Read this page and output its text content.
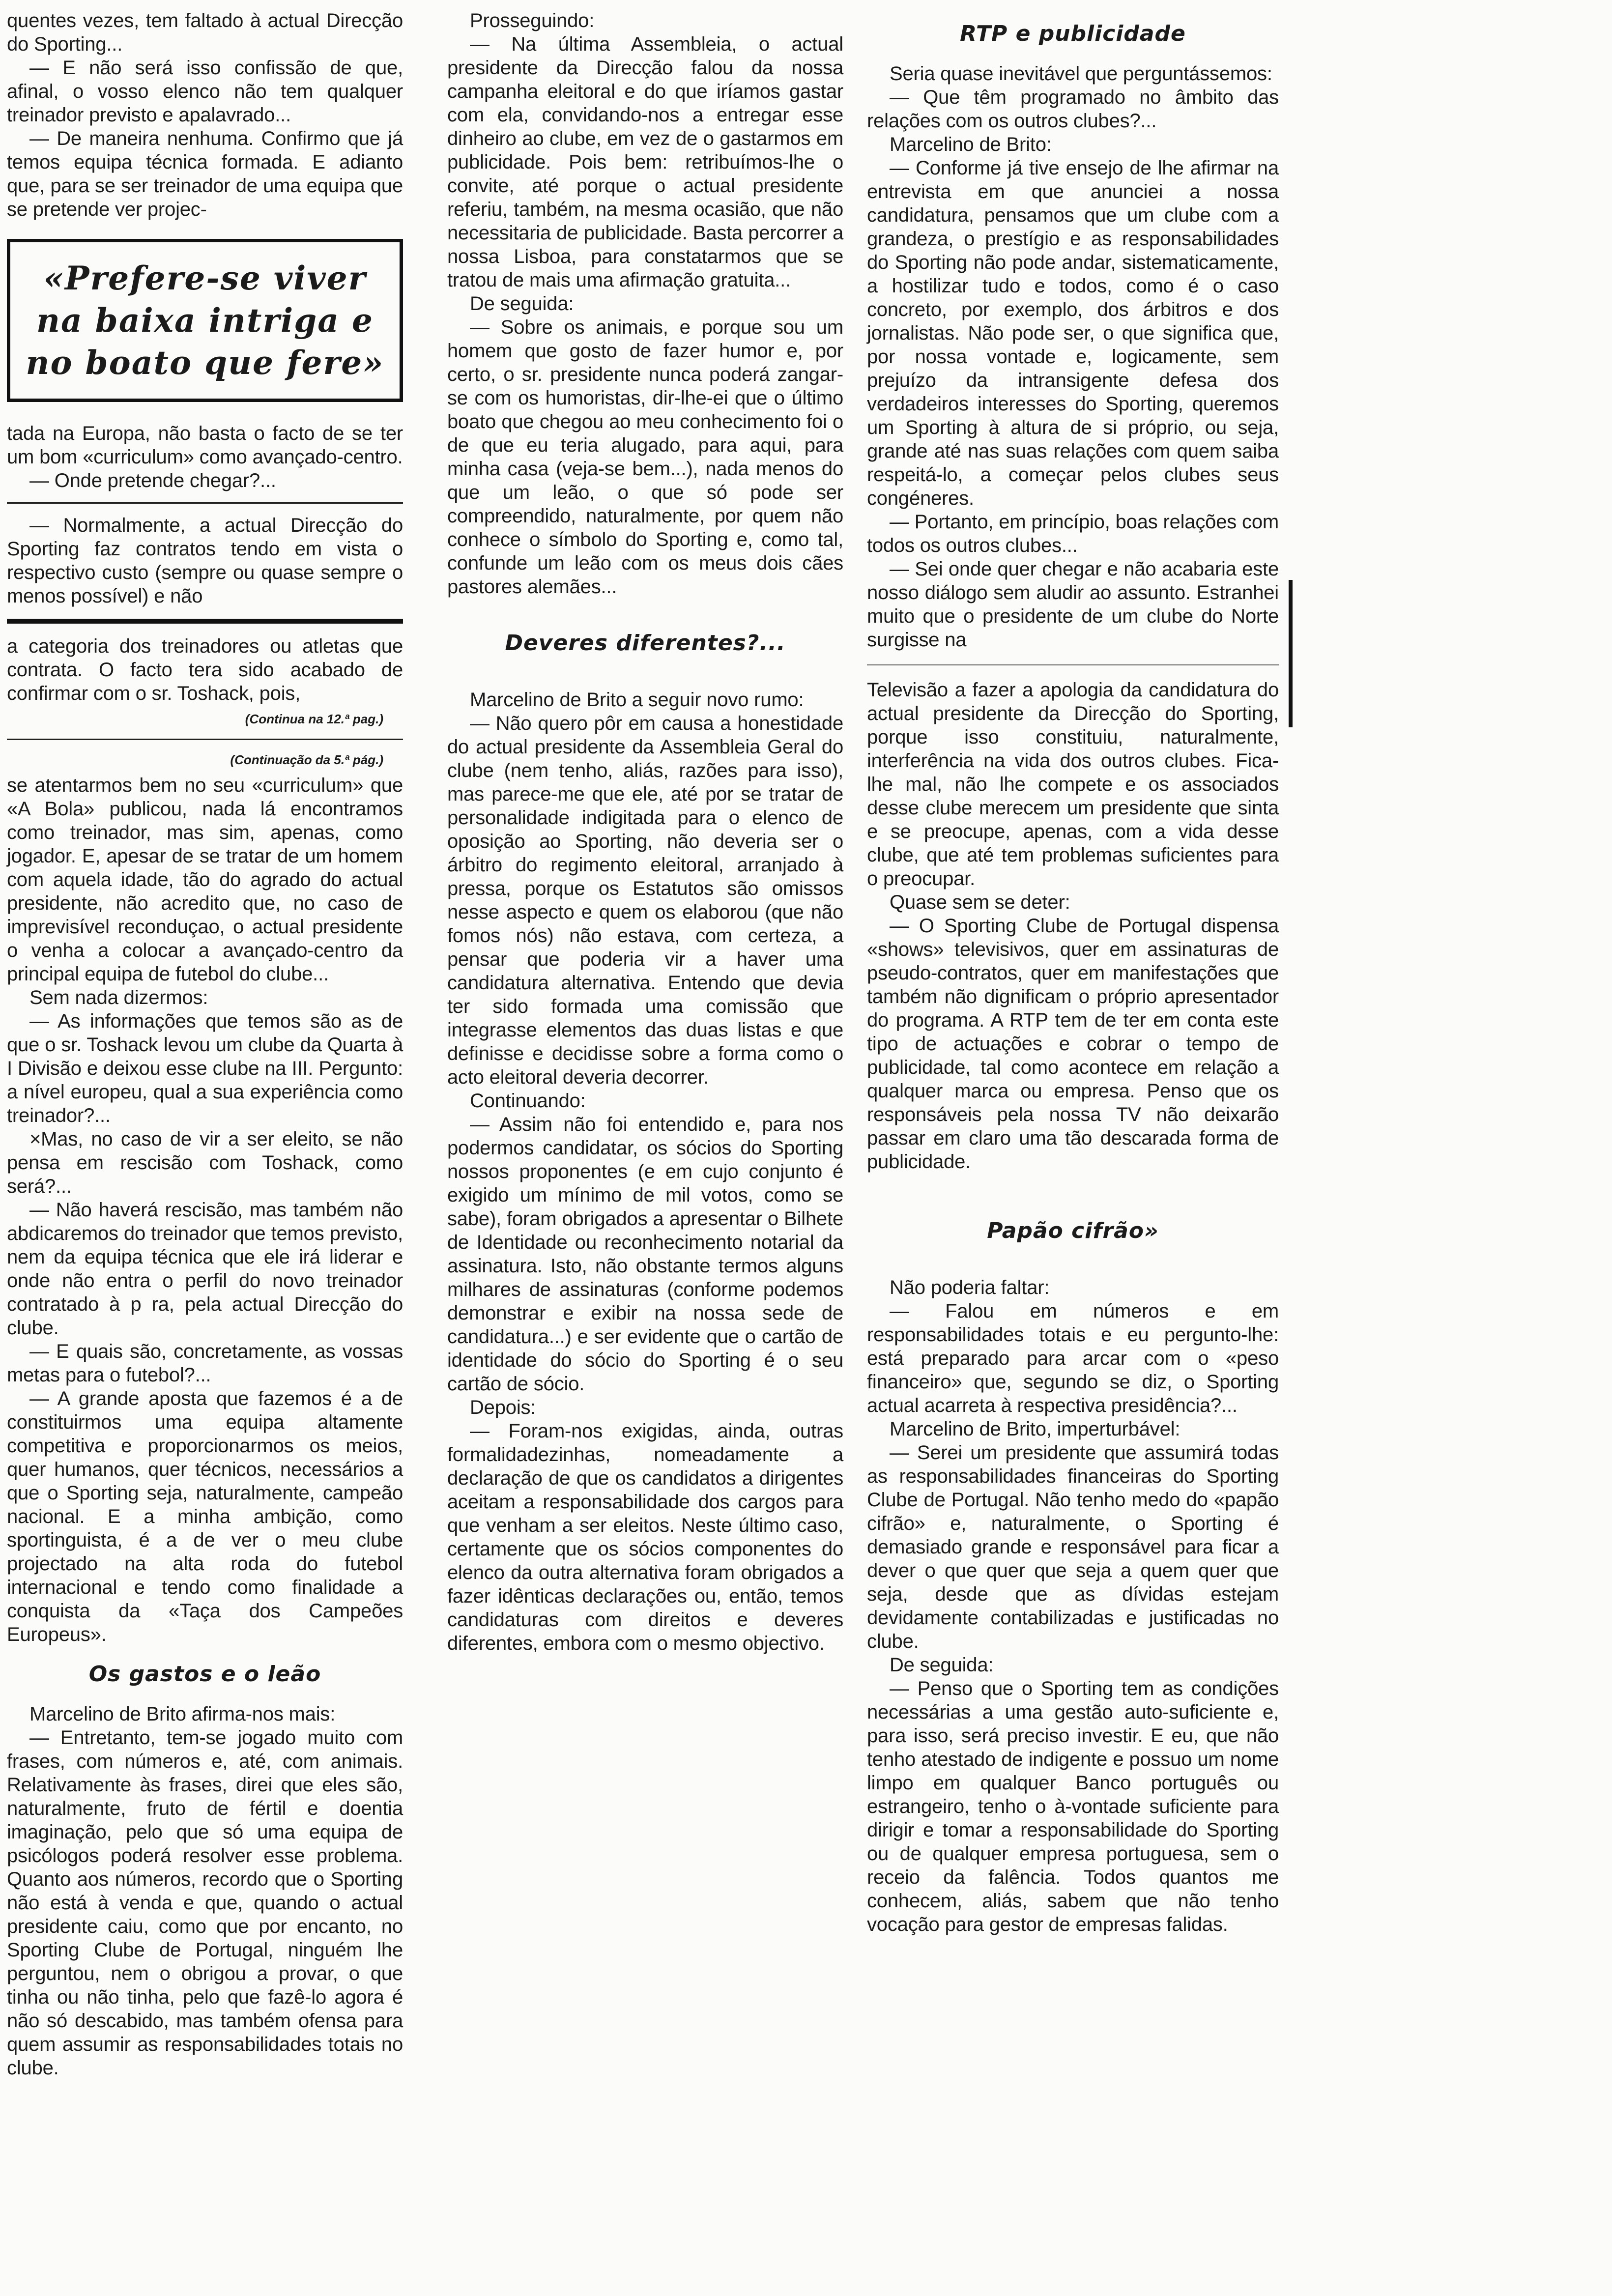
quentes vezes, tem faltado à actual Direcção do Sporting...

— E não será isso confissão de que, afinal, o vosso elenco não tem qualquer treinador previsto e apalavrado...

— De maneira nenhuma. Confirmo que já temos equipa técnica formada. E adianto que, para se ser treinador de uma equipa que se pretende ver projec-

«Prefere-se viver na baixa intriga e no boato que fere»

tada na Europa, não basta o facto de se ter um bom «curriculum» como avançado-centro.

— Onde pretende chegar?...

— Normalmente, a actual Direcção do Sporting faz contratos tendo em vista o respectivo custo (sempre ou quase sempre o menos possível) e não

a categoria dos treinadores ou atletas que contrata. O facto tera sido acabado de confirmar com o sr. Toshack, pois,

(Continua na 12.ª pag.)
(Continuação da 5.ª pág.)

se atentarmos bem no seu «curriculum» que «A Bola» publicou, nada lá encontramos como treinador, mas sim, apenas, como jogador. E, apesar de se tratar de um homem com aquela idade, tão do agrado do actual presidente, não acredito que, no caso de imprevisível reconduçao, o actual presidente o venha a colocar a avançado-centro da principal equipa de futebol do clube...

Sem nada dizermos:

— As informações que temos são as de que o sr. Toshack levou um clube da Quarta à I Divisão e deixou esse clube na III. Pergunto: a nível europeu, qual a sua experiência como treinador?...

×Mas, no caso de vir a ser eleito, se não pensa em rescisão com Toshack, como será?...

— Não haverá rescisão, mas também não abdicaremos do treinador que temos previsto, nem da equipa técnica que ele irá liderar e onde não entra o perfil do novo treinador contratado à p ra, pela actual Direcção do clube.

— E quais são, concretamente, as vossas metas para o futebol?...

— A grande aposta que fazemos é a de constituirmos uma equipa altamente competitiva e proporcionarmos os meios, quer humanos, quer técnicos, necessários a que o Sporting seja, naturalmente, campeão nacional. E a minha ambição, como sportinguista, é a de ver o meu clube projectado na alta roda do futebol internacional e tendo como finalidade a conquista da «Taça dos Campeões Europeus».

Os gastos e o leão

Marcelino de Brito afirma-nos mais:

— Entretanto, tem-se jogado muito com frases, com números e, até, com animais. Relativamente às frases, direi que eles são, naturalmente, fruto de fértil e doentia imaginação, pelo que só uma equipa de psicólogos poderá resolver esse problema. Quanto aos números, recordo que o Sporting não está à venda e que, quando o actual presidente caiu, como que por encanto, no Sporting Clube de Portugal, ninguém lhe perguntou, nem o obrigou a provar, o que tinha ou não tinha, pelo que fazê-lo agora é não só descabido, mas também ofensa para quem assumir as responsabilidades totais no clube.

Prosseguindo:

— Na última Assembleia, o actual presidente da Direcção falou da nossa campanha eleitoral e do que iríamos gastar com ela, convidando-nos a entregar esse dinheiro ao clube, em vez de o gastarmos em publicidade. Pois bem: retribuímos-lhe o convite, até porque o actual presidente referiu, também, na mesma ocasião, que não necessitaria de publicidade. Basta percorrer a nossa Lisboa, para constatarmos que se tratou de mais uma afirmação gratuita...

De seguida:

— Sobre os animais, e porque sou um homem que gosto de fazer humor e, por certo, o sr. presidente nunca poderá zangar-se com os humoristas, dir-lhe-ei que o último boato que chegou ao meu conhecimento foi o de que eu teria alugado, para aqui, para minha casa (veja-se bem...), nada menos do que um leão, o que só pode ser compreendido, naturalmente, por quem não conhece o símbolo do Sporting e, como tal, confunde um leão com os meus dois cães pastores alemães...

Deveres diferentes?...

Marcelino de Brito a seguir novo rumo:

— Não quero pôr em causa a honestidade do actual presidente da Assembleia Geral do clube (nem tenho, aliás, razões para isso), mas parece-me que ele, até por se tratar de personalidade indigitada para o elenco de oposição ao Sporting, não deveria ser o árbitro do regimento eleitoral, arranjado à pressa, porque os Estatutos são omissos nesse aspecto e quem os elaborou (que não fomos nós) não estava, com certeza, a pensar que poderia vir a haver uma candidatura alternativa. Entendo que devia ter sido formada uma comissão que integrasse elementos das duas listas e que definisse e decidisse sobre a forma como o acto eleitoral deveria decorrer.

Continuando:

— Assim não foi entendido e, para nos podermos candidatar, os sócios do Sporting nossos proponentes (e em cujo conjunto é exigido um mínimo de mil votos, como se sabe), foram obrigados a apresentar o Bilhete de Identidade ou reconhecimento notarial da assinatura. Isto, não obstante termos alguns milhares de assinaturas (conforme podemos demonstrar e exibir na nossa sede de candidatura...) e ser evidente que o cartão de identidade do sócio do Sporting é o seu cartão de sócio.

Depois:

— Foram-nos exigidas, ainda, outras formalidadezinhas, nomeadamente a declaração de que os candidatos a dirigentes aceitam a responsabilidade dos cargos para que venham a ser eleitos. Neste último caso, certamente que os sócios componentes do elenco da outra alternativa foram obrigados a fazer idênticas declarações ou, então, temos candidaturas com direitos e deveres diferentes, embora com o mesmo objectivo.

RTP e publicidade

Seria quase inevitável que perguntássemos:

— Que têm programado no âmbito das relações com os outros clubes?...

Marcelino de Brito:

— Conforme já tive ensejo de lhe afirmar na entrevista em que anunciei a nossa candidatura, pensamos que um clube com a grandeza, o prestígio e as responsabilidades do Sporting não pode andar, sistematicamente, a hostilizar tudo e todos, como é o caso concreto, por exemplo, dos árbitros e dos jornalistas. Não pode ser, o que significa que, por nossa vontade e, logicamente, sem prejuízo da intransigente defesa dos verdadeiros interesses do Sporting, queremos um Sporting à altura de si próprio, ou seja, grande até nas suas relações com quem saiba respeitá-lo, a começar pelos clubes seus congéneres.

— Portanto, em princípio, boas relações com todos os outros clubes...

— Sei onde quer chegar e não acabaria este nosso diálogo sem aludir ao assunto. Estranhei muito que o presidente de um clube do Norte surgisse na

Televisão a fazer a apologia da candidatura do actual presidente da Direcção do Sporting, porque isso constituiu, naturalmente, interferência na vida dos outros clubes. Fica-lhe mal, não lhe compete e os associados desse clube merecem um presidente que sinta e se preocupe, apenas, com a vida desse clube, que até tem problemas suficientes para o preocupar.

Quase sem se deter:

— O Sporting Clube de Portugal dispensa «shows» televisivos, quer em assinaturas de pseudo-contratos, quer em manifestações que também não dignificam o próprio apresentador do programa. A RTP tem de ter em conta este tipo de actuações e cobrar o tempo de publicidade, tal como acontece em relação a qualquer marca ou empresa. Penso que os responsáveis pela nossa TV não deixarão passar em claro uma tão descarada forma de publicidade.

Papão cifrão»

Não poderia faltar:

— Falou em números e em responsabilidades totais e eu pergunto-lhe: está preparado para arcar com o «peso financeiro» que, segundo se diz, o Sporting actual acarreta à respectiva presidência?...

Marcelino de Brito, imperturbável:

— Serei um presidente que assumirá todas as responsabilidades financeiras do Sporting Clube de Portugal. Não tenho medo do «papão cifrão» e, naturalmente, o Sporting é demasiado grande e responsável para ficar a dever o que quer que seja a quem quer que seja, desde que as dívidas estejam devidamente contabilizadas e justificadas no clube.

De seguida:

— Penso que o Sporting tem as condições necessárias a uma gestão auto-suficiente e, para isso, será preciso investir. E eu, que não tenho atestado de indigente e possuo um nome limpo em qualquer Banco português ou estrangeiro, tenho o à-vontade suficiente para dirigir e tomar a responsabilidade do Sporting ou de qualquer empresa portuguesa, sem o receio da falência. Todos quantos me conhecem, aliás, sabem que não tenho vocação para gestor de empresas falidas.
